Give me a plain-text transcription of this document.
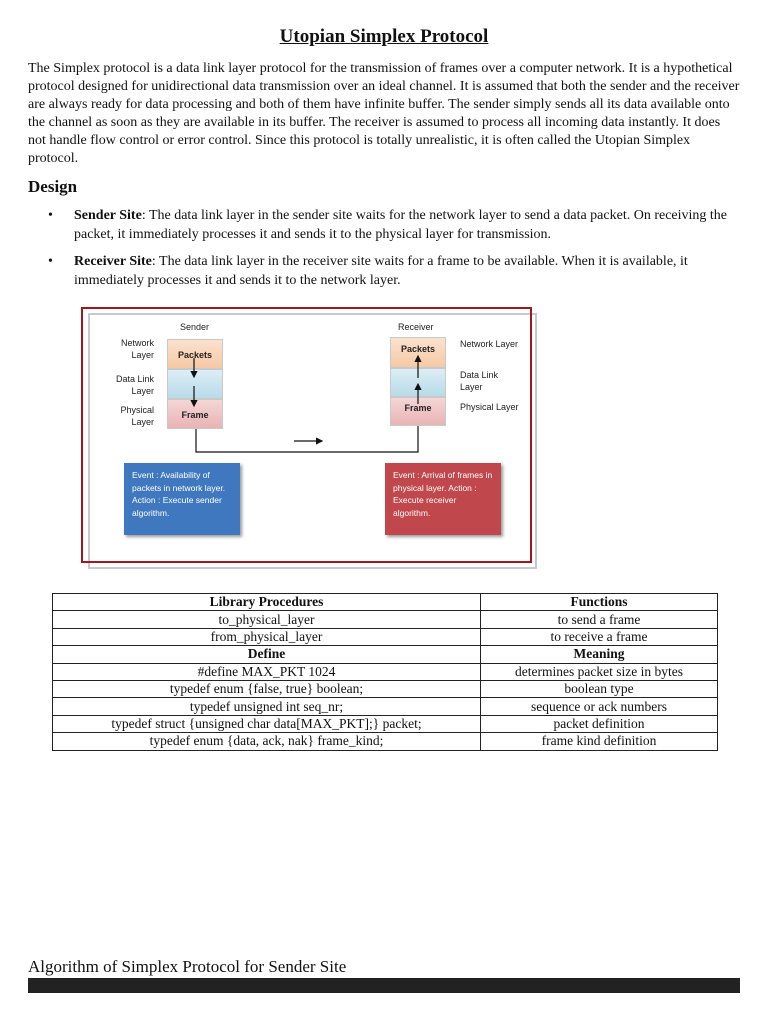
Utopian Simplex Protocol

The Simplex protocol is a data link layer protocol for the transmission of frames over a computer network. It is a hypothetical protocol designed for unidirectional data transmission over an ideal channel. It is assumed that both the sender and the receiver are always ready for data processing and both of them have infinite buffer. The sender simply sends all its data available onto the channel as soon as they are available in its buffer. The receiver is assumed to process all incoming data instantly. It does not handle flow control or error control. Since this protocol is totally unrealistic, it is often called the Utopian Simplex protocol.

Design
• Sender Site: The data link layer in the sender site waits for the network layer to send a data packet. On receiving the packet, it immediately processes it and sends it to the physical layer for transmission.
• Receiver Site: The data link layer in the receiver site waits for a frame to be available. When it is available, it immediately processes it and sends it to the network layer.
Sender	Receiver
Network Layer
Data Link Layer
Physical Layer
Packets
Frame
Packets
Frame
Network Layer
Data Link Layer
Physical Layer
Event : Availability of packets in network layer. Action : Execute sender algorithm.
Event : Arrival of frames in physical layer. Action : Execute receiver algorithm.
Library Procedures	Functions
to_physical_layer	to send a frame
from_physical_layer	to receive a frame
Define	Meaning
#define MAX_PKT 1024	determines packet size in bytes
typedef enum {false, true} boolean;	boolean type
typedef unsigned int seq_nr;	sequence or ack numbers
typedef struct {unsigned char data[MAX_PKT];} packet;	packet definition
typedef enum {data, ack, nak} frame_kind;	frame kind definition
Algorithm of Simplex Protocol for Sender Site
